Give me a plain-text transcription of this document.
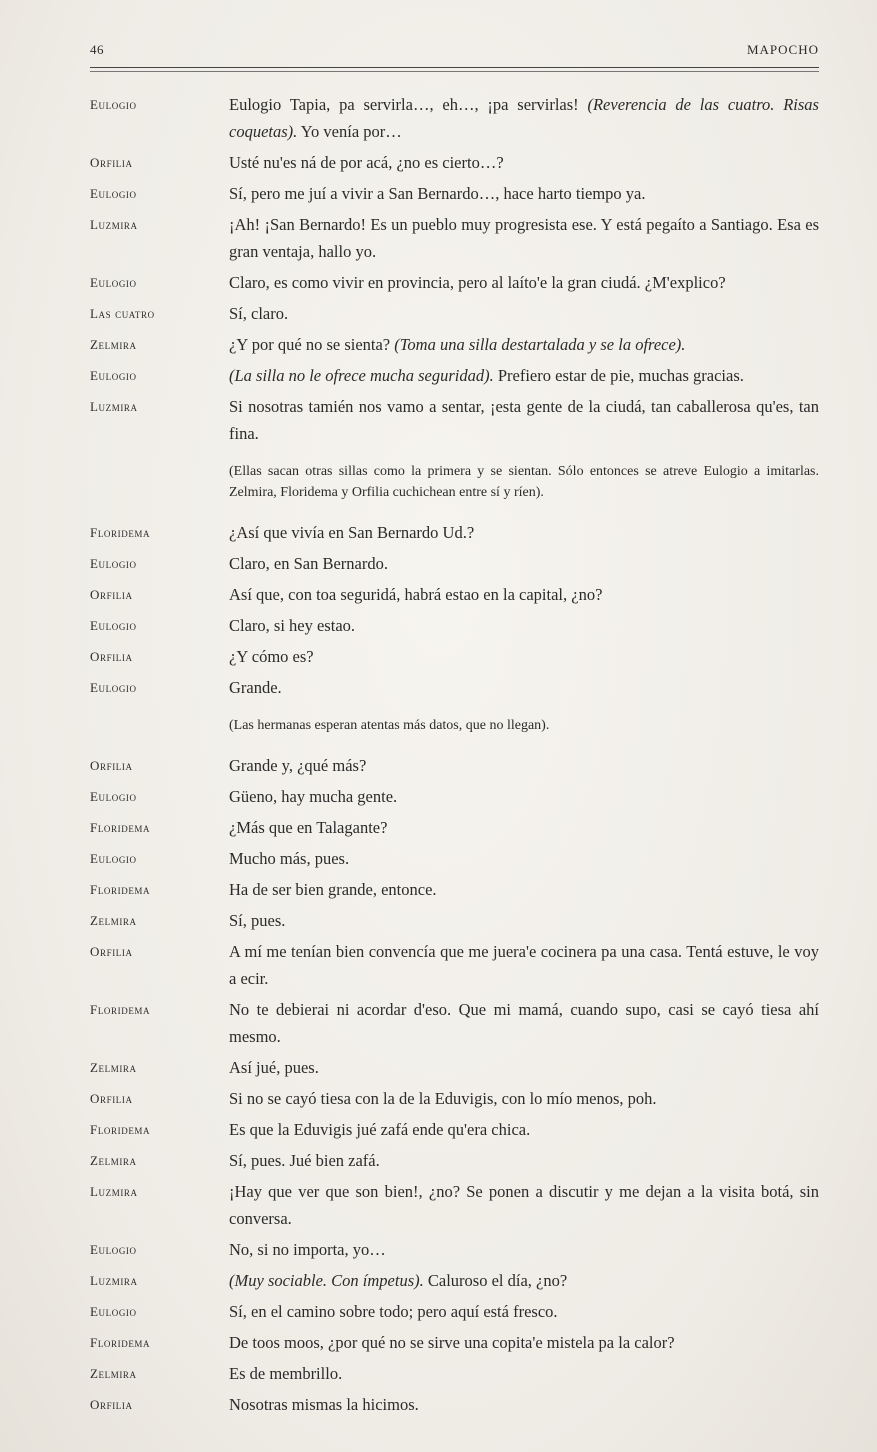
46	MAPOCHO
Eulogio	Eulogio Tapia, pa servirla…, eh…, ¡pa servirlas! (Reverencia de las cuatro. Risas coquetas). Yo venía por…
Orfilia	Usté nu'es ná de por acá, ¿no es cierto…?
Eulogio	Sí, pero me juí a vivir a San Bernardo…, hace harto tiempo ya.
Luzmira	¡Ah! ¡San Bernardo! Es un pueblo muy progresista ese. Y está pegaíto a Santiago. Esa es gran ventaja, hallo yo.
Eulogio	Claro, es como vivir en provincia, pero al laíto'e la gran ciudá. ¿M'explico?
Las cuatro	Sí, claro.
Zelmira	¿Y por qué no se sienta? (Toma una silla destartalada y se la ofrece).
Eulogio	(La silla no le ofrece mucha seguridad). Prefiero estar de pie, muchas gracias.
Luzmira	Si nosotras tamién nos vamo a sentar, ¡esta gente de la ciudá, tan caballerosa qu'es, tan fina.
(Ellas sacan otras sillas como la primera y se sientan. Sólo entonces se atreve Eulogio a imitarlas. Zelmira, Floridema y Orfilia cuchichean entre sí y ríen).
Floridema	¿Así que vivía en San Bernardo Ud.?
Eulogio	Claro, en San Bernardo.
Orfilia	Así que, con toa seguridá, habrá estao en la capital, ¿no?
Eulogio	Claro, si hey estao.
Orfilia	¿Y cómo es?
Eulogio	Grande.
(Las hermanas esperan atentas más datos, que no llegan).
Orfilia	Grande y, ¿qué más?
Eulogio	Güeno, hay mucha gente.
Floridema	¿Más que en Talagante?
Eulogio	Mucho más, pues.
Floridema	Ha de ser bien grande, entonce.
Zelmira	Sí, pues.
Orfilia	A mí me tenían bien convencía que me juera'e cocinera pa una casa. Tentá estuve, le voy a ecir.
Floridema	No te debierai ni acordar d'eso. Que mi mamá, cuando supo, casi se cayó tiesa ahí mesmo.
Zelmira	Así jué, pues.
Orfilia	Si no se cayó tiesa con la de la Eduvigis, con lo mío menos, poh.
Floridema	Es que la Eduvigis jué zafá ende qu'era chica.
Zelmira	Sí, pues. Jué bien zafá.
Luzmira	¡Hay que ver que son bien!, ¿no? Se ponen a discutir y me dejan a la visita botá, sin conversa.
Eulogio	No, si no importa, yo…
Luzmira	(Muy sociable. Con ímpetus). Caluroso el día, ¿no?
Eulogio	Sí, en el camino sobre todo; pero aquí está fresco.
Floridema	De toos moos, ¿por qué no se sirve una copita'e mistela pa la calor?
Zelmira	Es de membrillo.
Orfilia	Nosotras mismas la hicimos.
